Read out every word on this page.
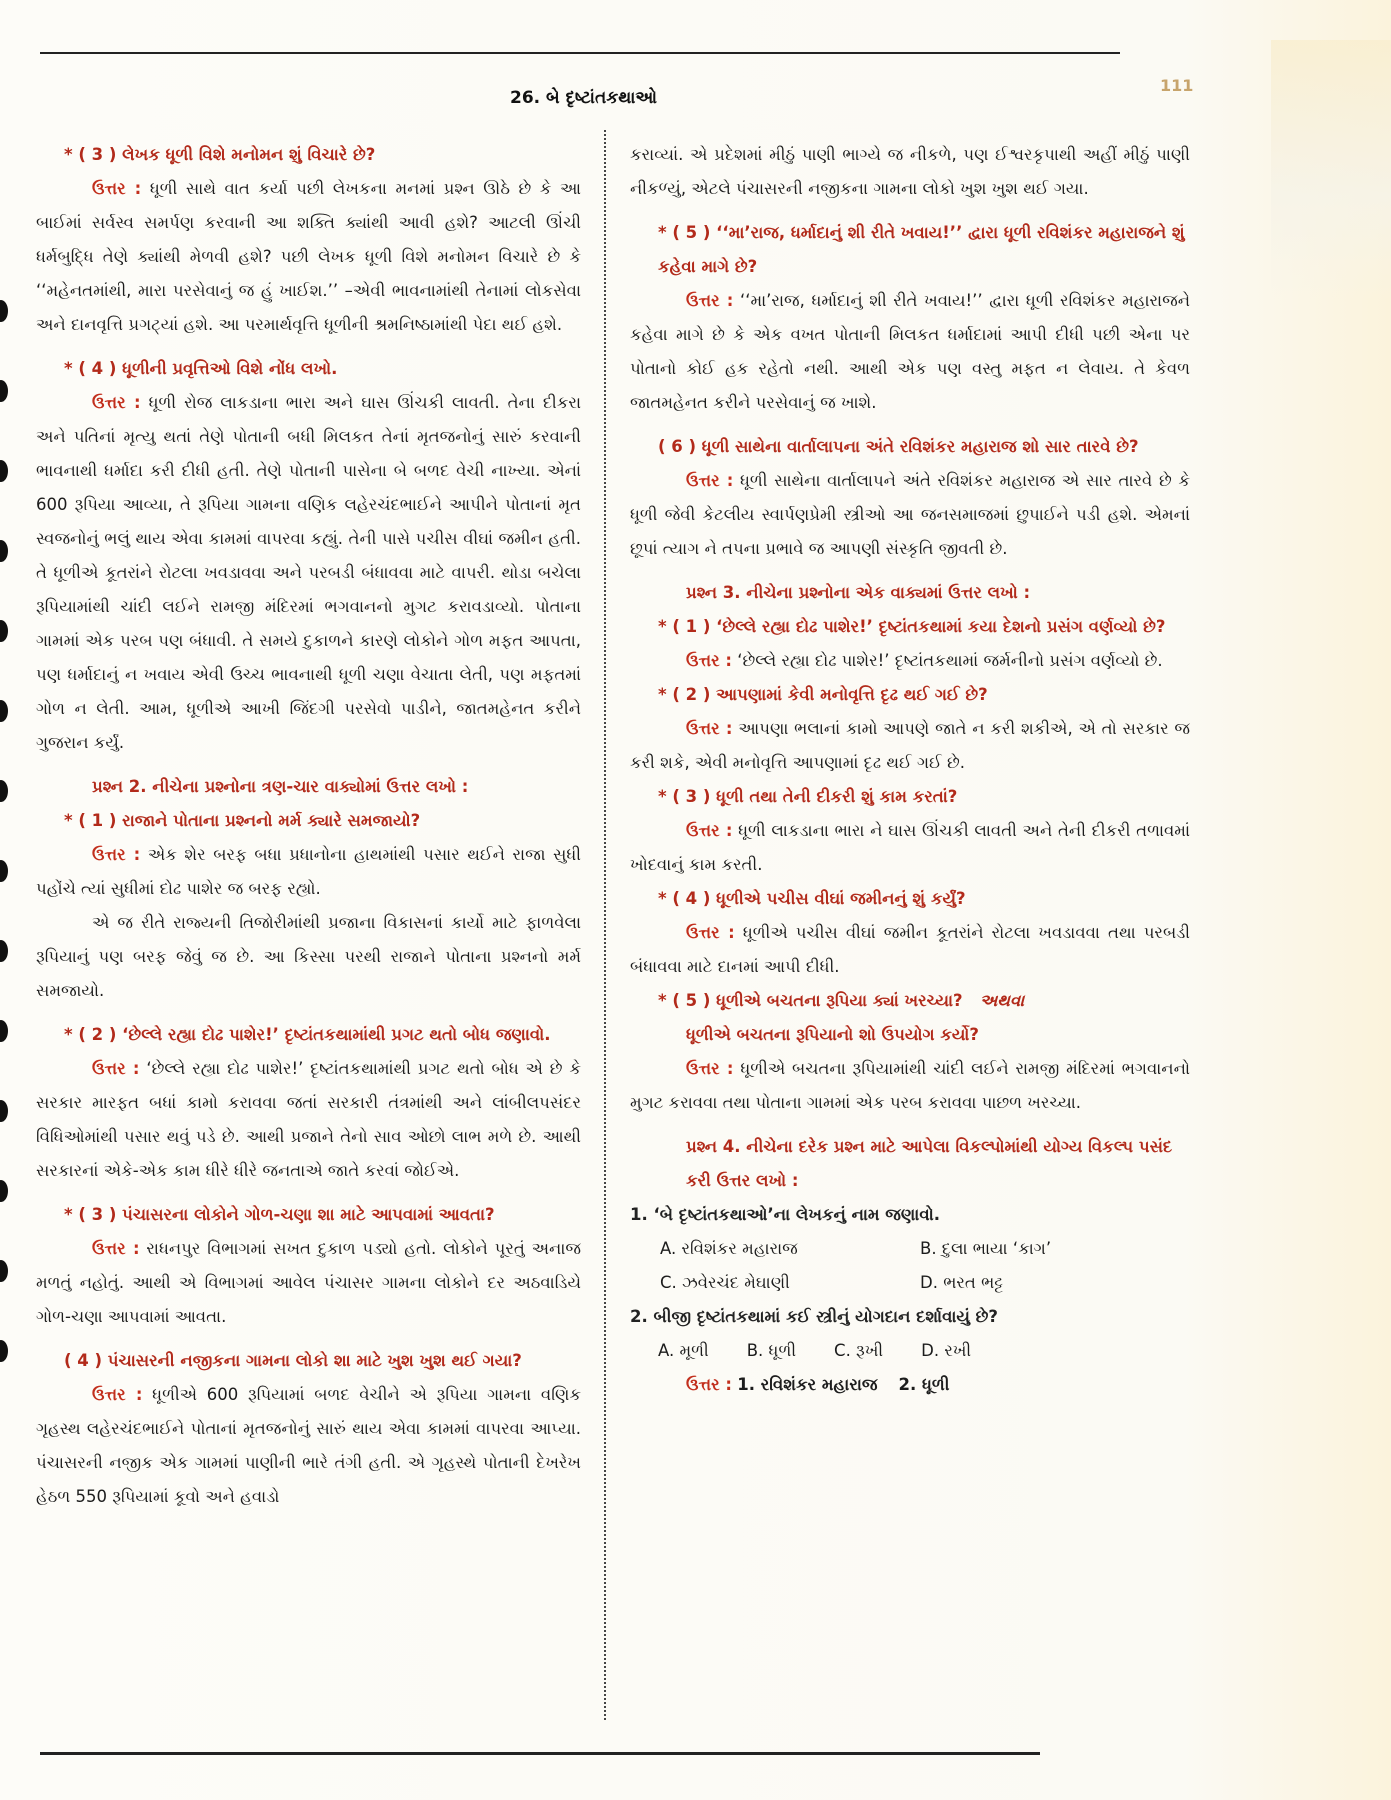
26. બે દૃષ્ટાંતકથાઓ
111
* ( 3 ) લેખક ધૂળી વિશે મનોમન શું વિચારે છે?
ઉત્તર : ધૂળી સાથે વાત કર્યા પછી લેખકના મનમાં પ્રશ્ન ઊઠે છે કે આ બાઈમાં સર્વસ્વ સમર્પણ કરવાની આ શક્તિ ક્યાંથી આવી હશે? આટલી ઊંચી ધર્મબુદ્ધિ તેણે ક્યાંથી મેળવી હશે? પછી લેખક ધૂળી વિશે મનોમન વિચારે છે કે ‘‘મહેનતમાંથી, મારા પરસેવાનું જ હું ખાઈશ.’’ –એવી ભાવનામાંથી તેનામાં લોકસેવા અને દાનવૃત્તિ પ્રગટ્યાં હશે. આ પરમાર્થવૃત્તિ ધૂળીની શ્રમનિષ્ઠામાંથી પેદા થઈ હશે.
* ( 4 ) ધૂળીની પ્રવૃત્તિઓ વિશે નોંધ લખો.
ઉત્તર : ધૂળી રોજ લાકડાના ભારા અને ઘાસ ઊંચકી લાવતી. તેના દીકરા અને પતિનાં મૃત્યુ થતાં તેણે પોતાની બધી મિલકત તેનાં મૃતજનોનું સારું કરવાની ભાવનાથી ધર્માદા કરી દીધી હતી. તેણે પોતાની પાસેના બે બળદ વેચી નાખ્યા. એનાં 600 રૂપિયા આવ્યા, તે રૂપિયા ગામના વણિક લહેરચંદભાઈને આપીને પોતાનાં મૃત સ્વજનોનું ભલું થાય એવા કામમાં વાપરવા કહ્યું. તેની પાસે પચીસ વીઘાં જમીન હતી. તે ધૂળીએ કૂતરાંને રોટલા ખવડાવવા અને પરબડી બંધાવવા માટે વાપરી. થોડા બચેલા રૂપિયામાંથી ચાંદી લઈને રામજી મંદિરમાં ભગવાનનો મુગટ કરાવડાવ્યો. પોતાના ગામમાં એક પરબ પણ બંધાવી. તે સમયે દુકાળને કારણે લોકોને ગોળ મફત આપતા, પણ ધર્માદાનું ન ખવાય એવી ઉચ્ચ ભાવનાથી ધૂળી ચણા વેચાતા લેતી, પણ મફતમાં ગોળ ન લેતી. આમ, ધૂળીએ આખી જિંદગી પરસેવો પાડીને, જાતમહેનત કરીને ગુજરાન કર્યું.
પ્રશ્ન 2. નીચેના પ્રશ્નોના ત્રણ-ચાર વાક્યોમાં ઉત્તર લખો :
* ( 1 ) રાજાને પોતાના પ્રશ્નનો મર્મ ક્યારે સમજાયો?
ઉત્તર : એક શેર બરફ બધા પ્રધાનોના હાથમાંથી પસાર થઈને રાજા સુધી પહોંચે ત્યાં સુધીમાં દોઢ પાશેર જ બરફ રહ્યો.
એ જ રીતે રાજ્યની તિજોરીમાંથી પ્રજાના વિકાસનાં કાર્યો માટે ફાળવેલા રૂપિયાનું પણ બરફ જેવું જ છે. આ કિસ્સા પરથી રાજાને પોતાના પ્રશ્નનો મર્મ સમજાયો.
* ( 2 ) ‘છેલ્લે રહ્યા દોઢ પાશેર!’ દૃષ્ટાંતકથામાંથી પ્રગટ થતો બોધ જણાવો.
ઉત્તર : ‘છેલ્લે રહ્યા દોઢ પાશેર!’ દૃષ્ટાંતકથામાંથી પ્રગટ થતો બોધ એ છે કે સરકાર મારફત બધાં કામો કરાવવા જતાં સરકારી તંત્રમાંથી અને લાંબીલપસંદર વિધિઓમાંથી પસાર થવું પડે છે. આથી પ્રજાને તેનો સાવ ઓછો લાભ મળે છે. આથી સરકારનાં એકે-એક કામ ધીરે ધીરે જનતાએ જાતે કરવાં જોઈએ.
* ( 3 ) પંચાસરના લોકોને ગોળ-ચણા શા માટે આપવામાં આવતા?
ઉત્તર : રાધનપુર વિભાગમાં સખત દુકાળ પડ્યો હતો. લોકોને પૂરતું અનાજ મળતું નહોતું. આથી એ વિભાગમાં આવેલ પંચાસર ગામના લોકોને દર અઠવાડિયે ગોળ-ચણા આપવામાં આવતા.
( 4 ) પંચાસરની નજીકના ગામના લોકો શા માટે ખુશ ખુશ થઈ ગયા?
ઉત્તર : ધૂળીએ 600 રૂપિયામાં બળદ વેચીને એ રૂપિયા ગામના વણિક ગૃહસ્થ લહેરચંદભાઈને પોતાનાં મૃતજનોનું સારું થાય એવા કામમાં વાપરવા આપ્યા. પંચાસરની નજીક એક ગામમાં પાણીની ભારે તંગી હતી. એ ગૃહસ્થે પોતાની દેખરેખ હેઠળ 550 રૂપિયામાં કૂવો અને હવાડો
કરાવ્યાં. એ પ્રદેશમાં મીઠું પાણી ભાગ્યે જ નીકળે, પણ ઈશ્વરકૃપાથી અહીં મીઠું પાણી નીકળ્યું, એટલે પંચાસરની નજીકના ગામના લોકો ખુશ ખુશ થઈ ગયા.
* ( 5 ) ‘‘મા’રાજ, ધર્માદાનું શી રીતે ખવાય!’’ દ્વારા ધૂળી રવિશંકર મહારાજને શું કહેવા માગે છે?
ઉત્તર : ‘‘મા’રાજ, ધર્માદાનું શી રીતે ખવાય!’’ દ્વારા ધૂળી રવિશંકર મહારાજને કહેવા માગે છે કે એક વખત પોતાની મિલકત ધર્માદામાં આપી દીધી પછી એના પર પોતાનો કોઈ હક રહેતો નથી. આથી એક પણ વસ્તુ મફત ન લેવાય. તે કેવળ જાતમહેનત કરીને પરસેવાનું જ ખાશે.
( 6 ) ધૂળી સાથેના વાર્તાલાપના અંતે રવિશંકર મહારાજ શો સાર તારવે છે?
ઉત્તર : ધૂળી સાથેના વાર્તાલાપને અંતે રવિશંકર મહારાજ એ સાર તારવે છે કે ધૂળી જેવી કેટલીય સ્વાર્પણપ્રેમી સ્ત્રીઓ આ જનસમાજમાં છુપાઈને પડી હશે. એમનાં છૂપાં ત્યાગ ને તપના પ્રભાવે જ આપણી સંસ્કૃતિ જીવતી છે.
પ્રશ્ન 3. નીચેના પ્રશ્નોના એક વાક્યમાં ઉત્તર લખો :
* ( 1 ) ‘છેલ્લે રહ્યા દોઢ પાશેર!’ દૃષ્ટાંતકથામાં કયા દેશનો પ્રસંગ વર્ણવ્યો છે?
ઉત્તર : ‘છેલ્લે રહ્યા દોઢ પાશેર!’ દૃષ્ટાંતકથામાં જર્મનીનો પ્રસંગ વર્ણવ્યો છે.
* ( 2 ) આપણામાં કેવી મનોવૃત્તિ દૃઢ થઈ ગઈ છે?
ઉત્તર : આપણા ભલાનાં કામો આપણે જાતે ન કરી શકીએ, એ તો સરકાર જ કરી શકે, એવી મનોવૃત્તિ આપણામાં દૃઢ થઈ ગઈ છે.
* ( 3 ) ધૂળી તથા તેની દીકરી શું કામ કરતાં?
ઉત્તર : ધૂળી લાકડાના ભારા ને ઘાસ ઊંચકી લાવતી અને તેની દીકરી તળાવમાં ખોદવાનું કામ કરતી.
* ( 4 ) ધૂળીએ પચીસ વીઘાં જમીનનું શું કર્યું?
ઉત્તર : ધૂળીએ પચીસ વીઘાં જમીન કૂતરાંને રોટલા ખવડાવવા તથા પરબડી બંધાવવા માટે દાનમાં આપી દીધી.
* ( 5 ) ધૂળીએ બચતના રૂપિયા ક્યાં ખરચ્યા? અથવા
ધૂળીએ બચતના રૂપિયાનો શો ઉપયોગ કર્યો?
ઉત્તર : ધૂળીએ બચતના રૂપિયામાંથી ચાંદી લઈને રામજી મંદિરમાં ભગવાનનો મુગટ કરાવવા તથા પોતાના ગામમાં એક પરબ કરાવવા પાછળ ખરચ્યા.
પ્રશ્ન 4. નીચેના દરેક પ્રશ્ન માટે આપેલા વિકલ્પોમાંથી યોગ્ય વિકલ્પ પસંદ કરી ઉત્તર લખો :
1. ‘બે દૃષ્ટાંતકથાઓ’ના લેખકનું નામ જણાવો.
A. રવિશંકર મહારાજ	B. દુલા ભાયા ‘કાગ’
C. ઝવેરચંદ મેઘાણી	D. ભરત ભટ્ટ
2. બીજી દૃષ્ટાંતકથામાં કઈ સ્ત્રીનું યોગદાન દર્શાવાયું છે?
A. મૂળી B. ધૂળી C. રૂખી D. રખી
ઉત્તર : 1. રવિશંકર મહારાજ 2. ધૂળી
